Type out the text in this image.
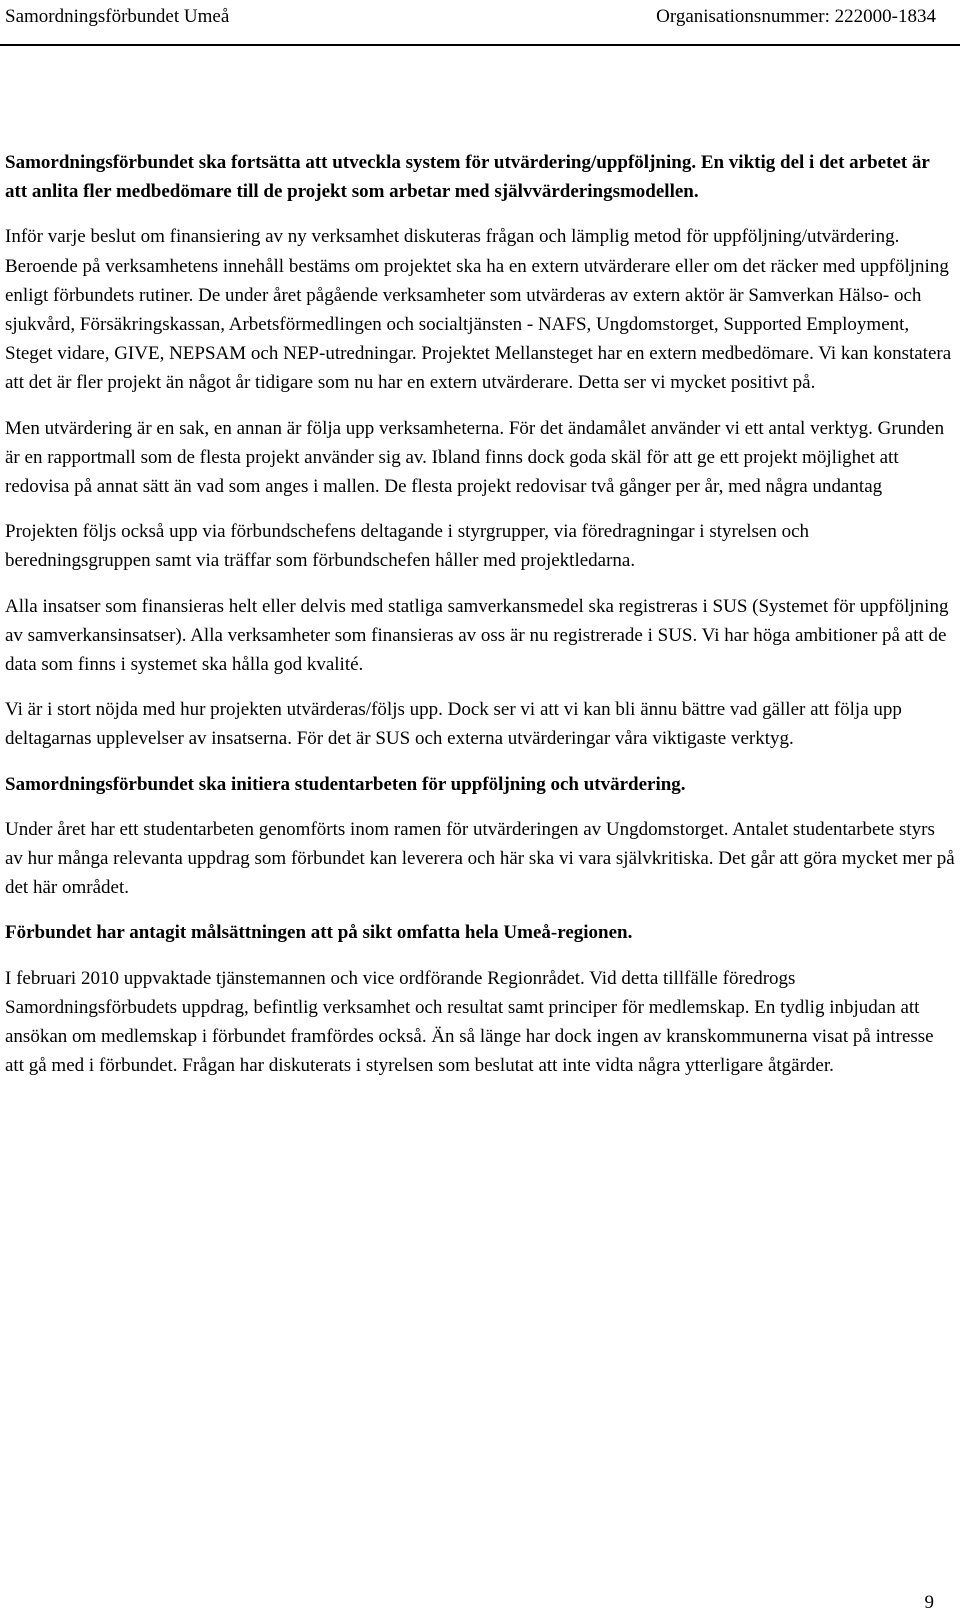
Samordningsförbundet Umeå	Organisationsnummer: 222000-1834

Samordningsförbundet ska fortsätta att utveckla system för utvärdering/uppföljning. En viktig del i det arbetet är att anlita fler medbedömare till de projekt som arbetar med självvärderingsmodellen.

Inför varje beslut om finansiering av ny verksamhet diskuteras frågan och lämplig metod för uppföljning/utvärdering. Beroende på verksamhetens innehåll bestäms om projektet ska ha en extern utvärderare eller om det räcker med uppföljning enligt förbundets rutiner. De under året pågående verksamheter som utvärderas av extern aktör är Samverkan Hälso- och sjukvård, Försäkringskassan, Arbetsförmedlingen och socialtjänsten - NAFS, Ungdomstorget, Supported Employment, Steget vidare, GIVE, NEPSAM och NEP-utredningar. Projektet Mellansteget har en extern medbedömare. Vi kan konstatera att det är fler projekt än något år tidigare som nu har en extern utvärderare. Detta ser vi mycket positivt på.

Men utvärdering är en sak, en annan är följa upp verksamheterna. För det ändamålet använder vi ett antal verktyg. Grunden är en rapportmall som de flesta projekt använder sig av. Ibland finns dock goda skäl för att ge ett projekt möjlighet att redovisa på annat sätt än vad som anges i mallen. De flesta projekt redovisar två gånger per år, med några undantag

Projekten följs också upp via förbundschefens deltagande i styrgrupper, via föredragningar i styrelsen och beredningsgruppen samt via träffar som förbundschefen håller med projektledarna.

Alla insatser som finansieras helt eller delvis med statliga samverkansmedel ska registreras i SUS (Systemet för uppföljning av samverkansinsatser). Alla verksamheter som finansieras av oss är nu registrerade i SUS. Vi har höga ambitioner på att de data som finns i systemet ska hålla god kvalité.

Vi är i stort nöjda med hur projekten utvärderas/följs upp. Dock ser vi att vi kan bli ännu bättre vad gäller att följa upp deltagarnas upplevelser av insatserna. För det är SUS och externa utvärderingar våra viktigaste verktyg.

Samordningsförbundet ska initiera studentarbeten för uppföljning och utvärdering.

Under året har ett studentarbeten genomförts inom ramen för utvärderingen av Ungdomstorget. Antalet studentarbete styrs av hur många relevanta uppdrag som förbundet kan leverera och här ska vi vara självkritiska. Det går att göra mycket mer på det här området.

Förbundet har antagit målsättningen att på sikt omfatta hela Umeå-regionen.

I februari 2010 uppvaktade tjänstemannen och vice ordförande Regionrådet. Vid detta tillfälle föredrogs Samordningsförbudets uppdrag, befintlig verksamhet och resultat samt principer för medlemskap. En tydlig inbjudan att ansökan om medlemskap i förbundet framfördes också. Än så länge har dock ingen av kranskommunerna visat på intresse att gå med i förbundet. Frågan har diskuterats i styrelsen som beslutat att inte vidta några ytterligare åtgärder.

9
